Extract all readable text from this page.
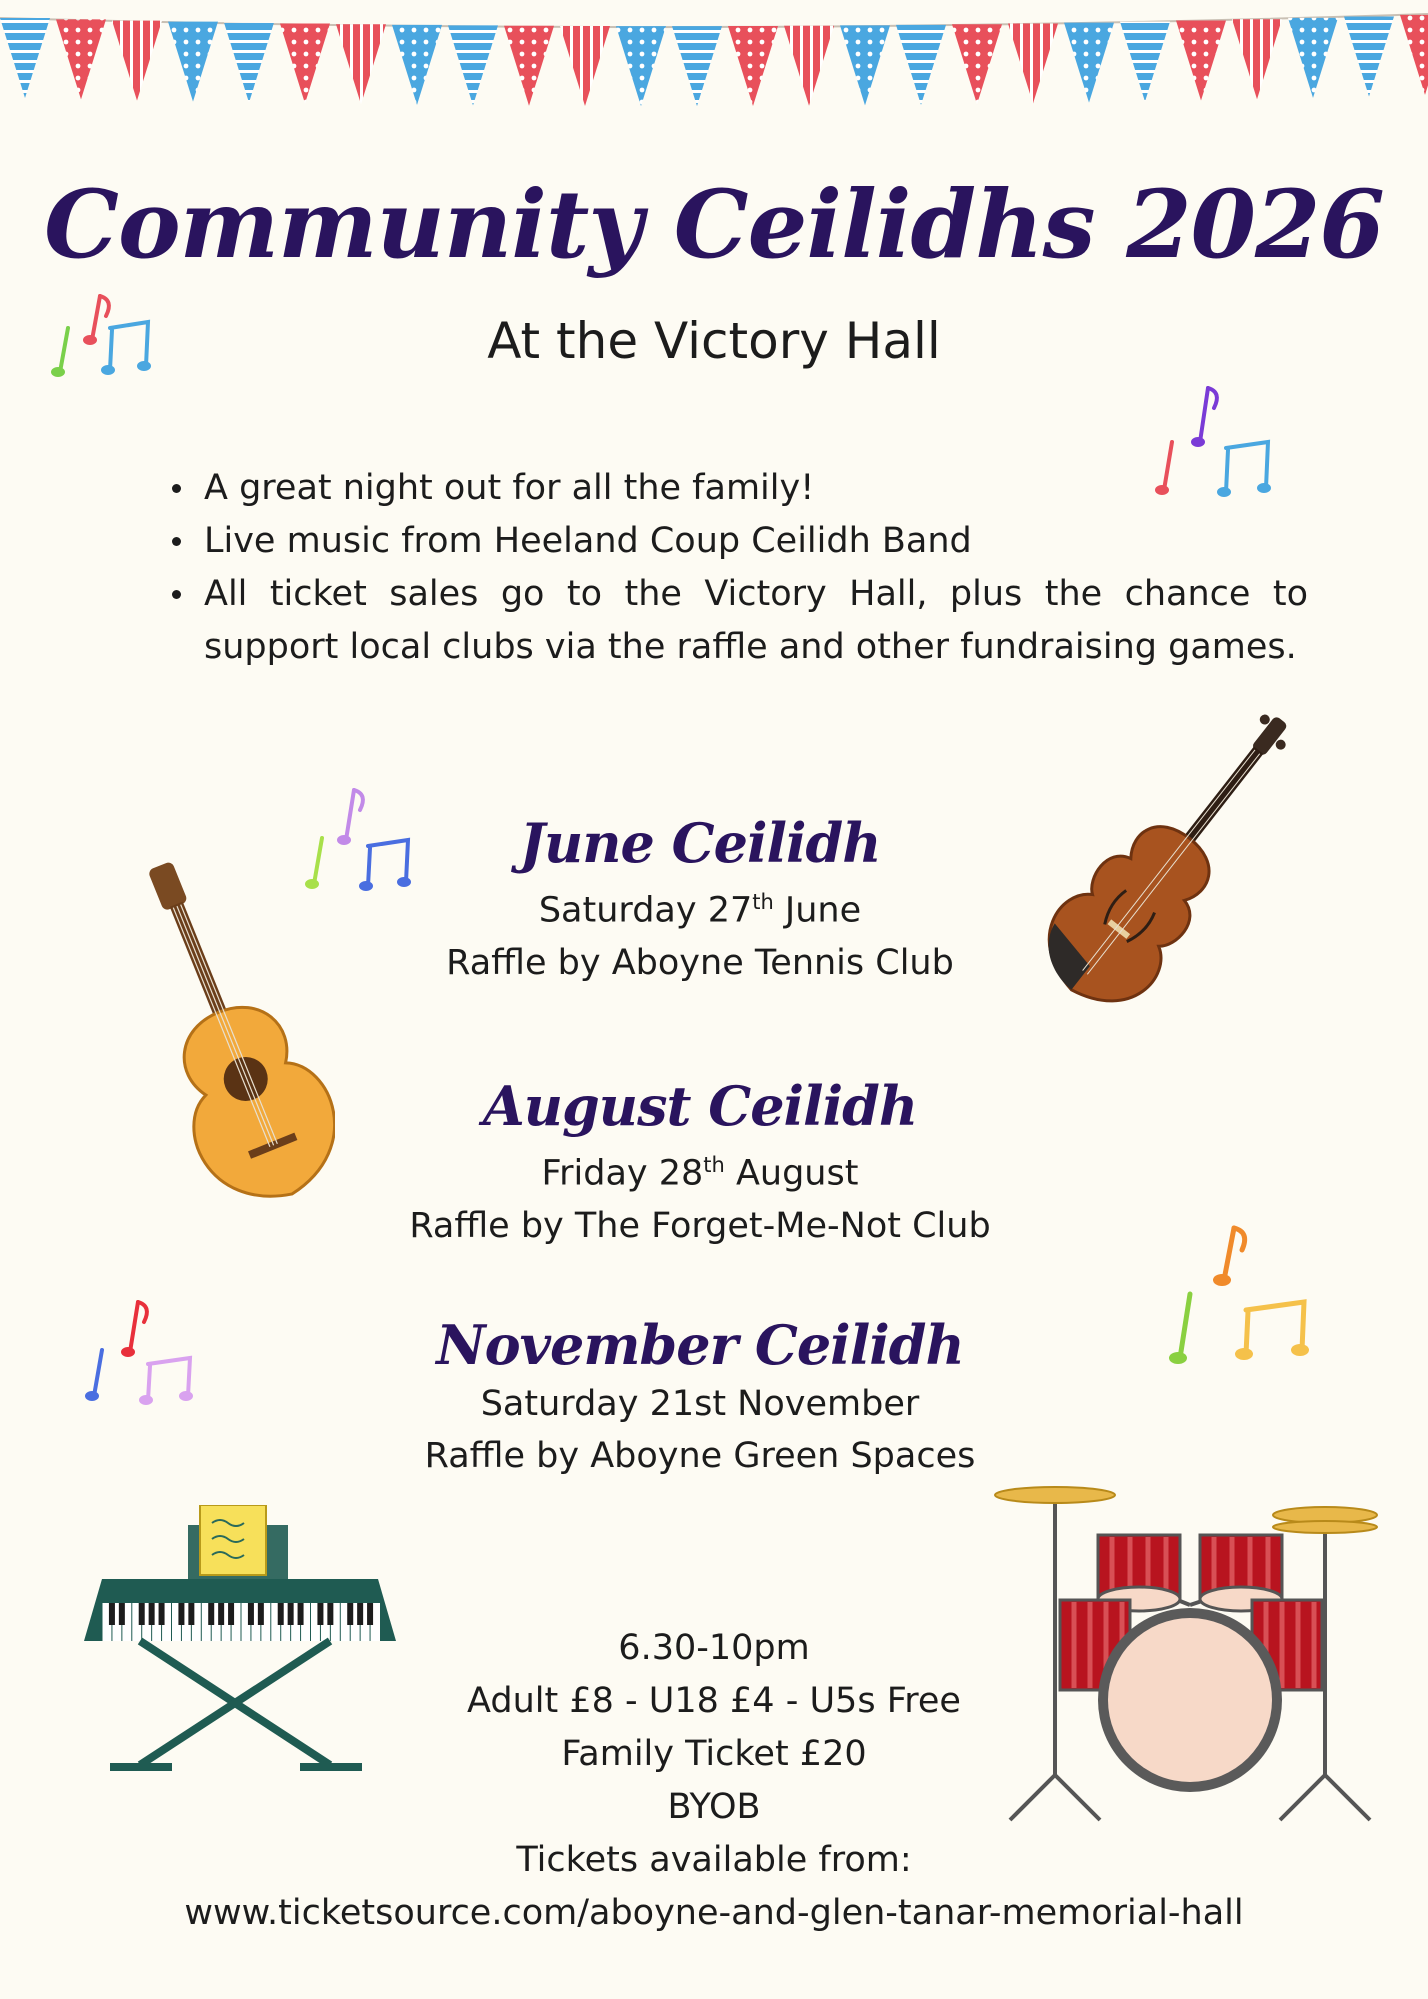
Community Ceilidhs 2026
At the Victory Hall
A great night out for all the family!
Live music from Heeland Coup Ceilidh Band
All ticket sales go to the Victory Hall, plus the chance to support local clubs via the raffle and other fundraising games.
June Ceilidh
Saturday 27th June
Raffle by Aboyne Tennis Club
August Ceilidh
Friday 28th August
Raffle by The Forget-Me-Not Club
November Ceilidh
Saturday 21st November
Raffle by Aboyne Green Spaces
6.30-10pm
Adult £8 - U18 £4 - U5s Free
Family Ticket £20
BYOB
Tickets available from:
www.ticketsource.com/aboyne-and-glen-tanar-memorial-hall
